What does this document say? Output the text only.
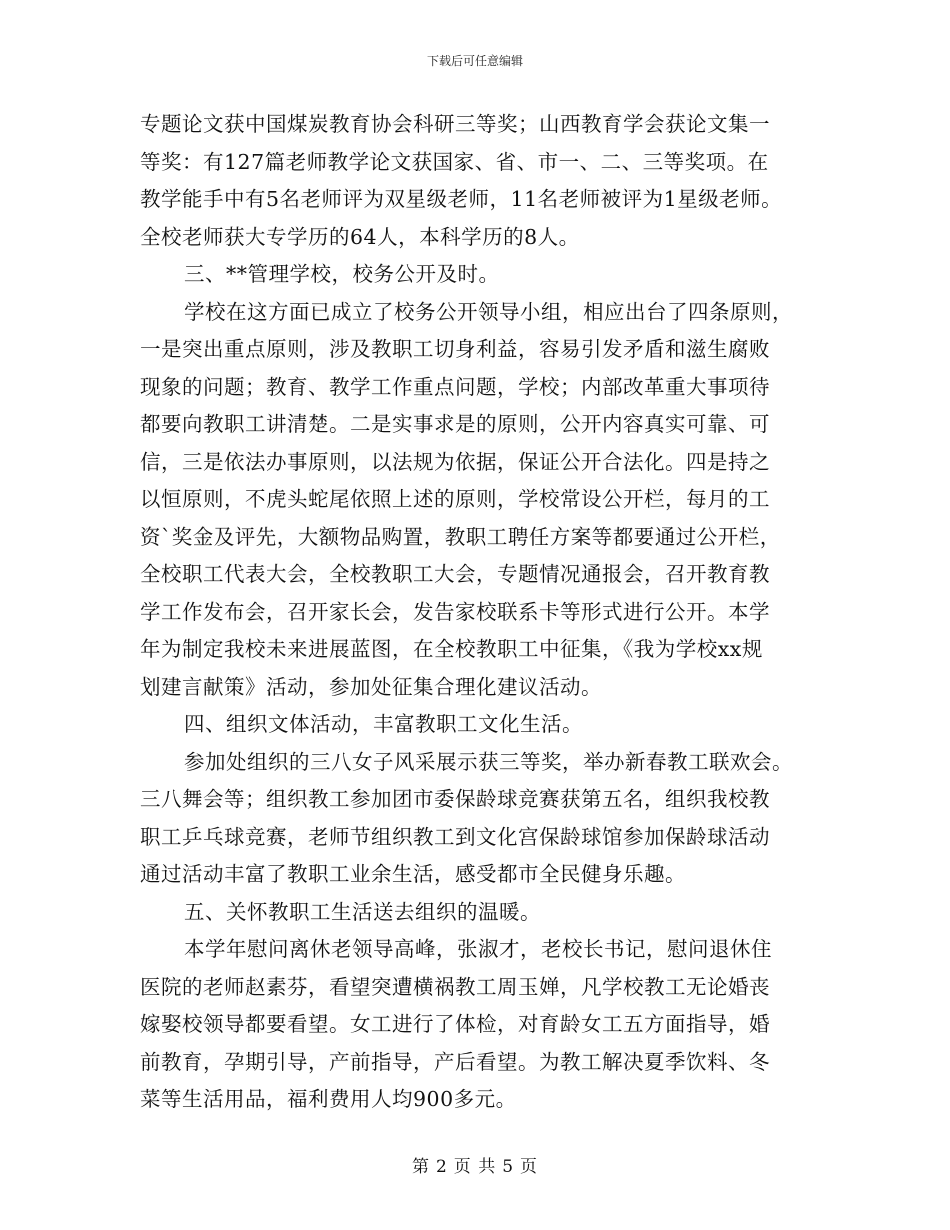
下载后可任意编辑
专题论文获中国煤炭教育协会科研三等奖；山西教育学会获论文集一
等奖：有127篇老师教学论文获国家、省、市一、二、三等奖项。在
教学能手中有5名老师评为双星级老师，11名老师被评为1星级老师。
全校老师获大专学历的64人，本科学历的8人。
三、**管理学校，校务公开及时。
学校在这方面已成立了校务公开领导小组，相应出台了四条原则，
一是突出重点原则，涉及教职工切身利益，容易引发矛盾和滋生腐败
现象的问题；教育、教学工作重点问题，学校；内部改革重大事项待
都要向教职工讲清楚。二是实事求是的原则，公开内容真实可靠、可
信，三是依法办事原则，以法规为依据，保证公开合法化。四是持之
以恒原则，不虎头蛇尾依照上述的原则，学校常设公开栏，每月的工
资`奖金及评先，大额物品购置，教职工聘任方案等都要通过公开栏，
全校职工代表大会，全校教职工大会，专题情况通报会，召开教育教
学工作发布会，召开家长会，发告家校联系卡等形式进行公开。本学
年为制定我校未来进展蓝图，在全校教职工中征集，《我为学校xx规
划建言献策》活动，参加处征集合理化建议活动。
四、组织文体活动，丰富教职工文化生活。
参加处组织的三八女子风采展示获三等奖，举办新春教工联欢会。
三八舞会等；组织教工参加团市委保龄球竞赛获第五名，组织我校教
职工乒乓球竞赛，老师节组织教工到文化宫保龄球馆参加保龄球活动
通过活动丰富了教职工业余生活，感受都市全民健身乐趣。
五、关怀教职工生活送去组织的温暖。
本学年慰问离休老领导高峰，张淑才，老校长书记，慰问退休住
医院的老师赵素芬，看望突遭横祸教工周玉婵，凡学校教工无论婚丧
嫁娶校领导都要看望。女工进行了体检，对育龄女工五方面指导，婚
前教育，孕期引导，产前指导，产后看望。为教工解决夏季饮料、冬
菜等生活用品，福利费用人均900多元。
第 2 页 共 5 页
